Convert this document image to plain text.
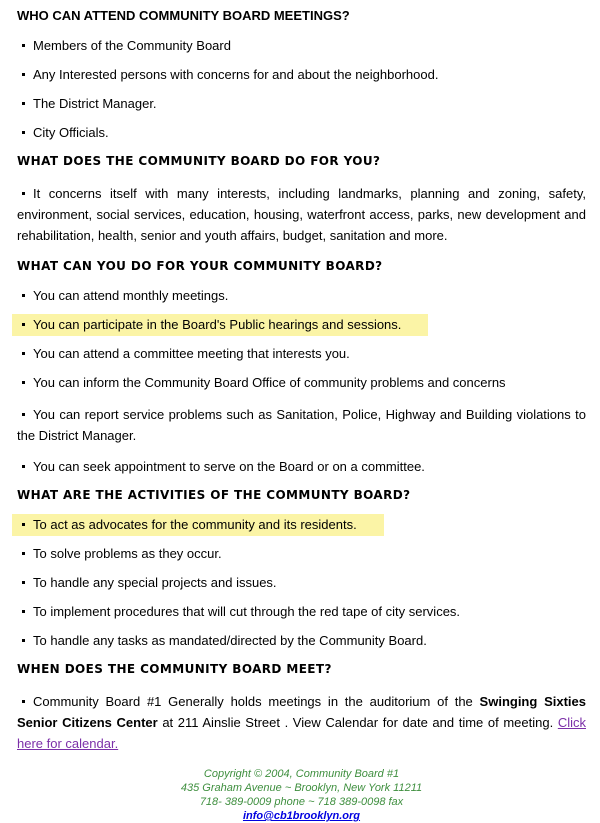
WHO CAN ATTEND COMMUNITY BOARD MEETINGS?
Members of the Community Board
Any Interested persons with concerns for and about the neighborhood.
The District Manager.
City Officials.
WHAT DOES THE COMMUNITY BOARD DO FOR YOU?
It concerns itself with many interests, including landmarks, planning and zoning, safety, environment, social services, education, housing, waterfront access, parks, new development and rehabilitation, health, senior and youth affairs, budget, sanitation and more.
WHAT CAN YOU DO FOR YOUR COMMUNITY BOARD?
You can attend monthly meetings.
You can participate in the Board's Public hearings and sessions.
You can attend a committee meeting that interests you.
You can inform the Community Board Office of community problems and concerns
You can report service problems such as Sanitation, Police, Highway and Building violations to the District Manager.
You can seek appointment to serve on the Board or on a committee.
WHAT ARE THE ACTIVITIES OF THE COMMUNTY BOARD?
To act as advocates for the community and its residents.
To solve problems as they occur.
To handle any special projects and issues.
To implement procedures that will cut through the red tape of city services.
To handle any tasks as mandated/directed by the Community Board.
WHEN DOES THE COMMUNITY BOARD MEET?
Community Board #1 Generally holds meetings in the auditorium of the Swinging Sixties Senior Citizens Center at 211 Ainslie Street . View Calendar for date and time of meeting. Click here for calendar.
Copyright © 2004, Community Board #1
435 Graham Avenue ~ Brooklyn, New York 11211
718- 389-0009 phone ~ 718 389-0098 fax
info@cb1brooklyn.org
